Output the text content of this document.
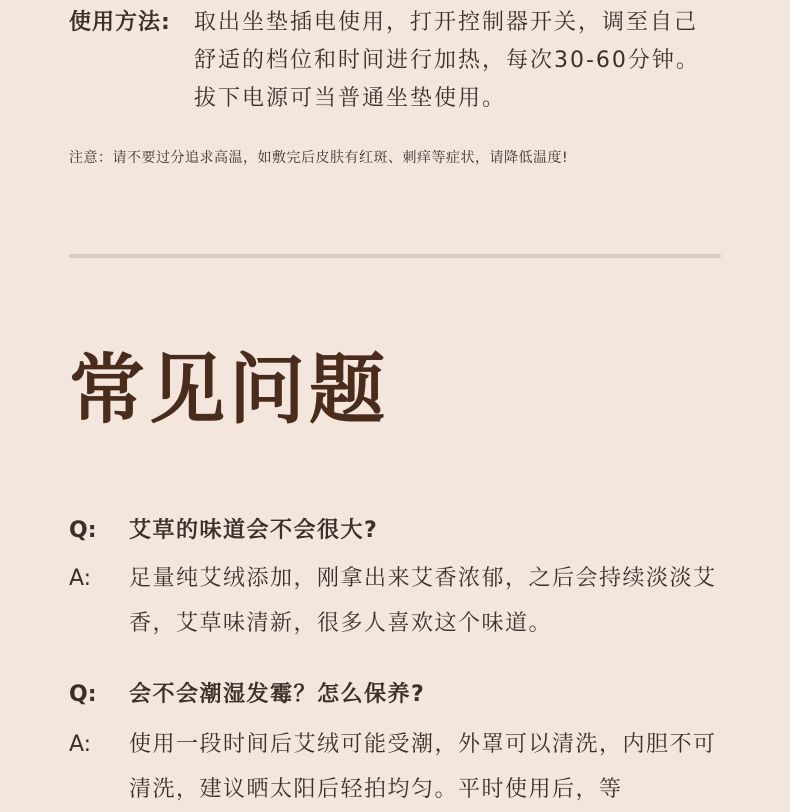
使用方法: 取出坐垫插电使用，打开控制器开关，调至自己舒适的档位和时间进行加热，每次30-60分钟。拔下电源可当普通坐垫使用。
注意：请不要过分追求高温，如敷完后皮肤有红斑、刺痒等症状，请降低温度!
常见问题
Q: 艾草的味道会不会很大?
A: 足量纯艾绒添加，刚拿出来艾香浓郁，之后会持续淡淡艾香，艾草味清新，很多人喜欢这个味道。
Q: 会不会潮湿发霉？怎么保养?
A: 使用一段时间后艾绒可能受潮，外罩可以清洗，内胆不可清洗，建议晒太阳后轻拍均匀。平时使用后，等
